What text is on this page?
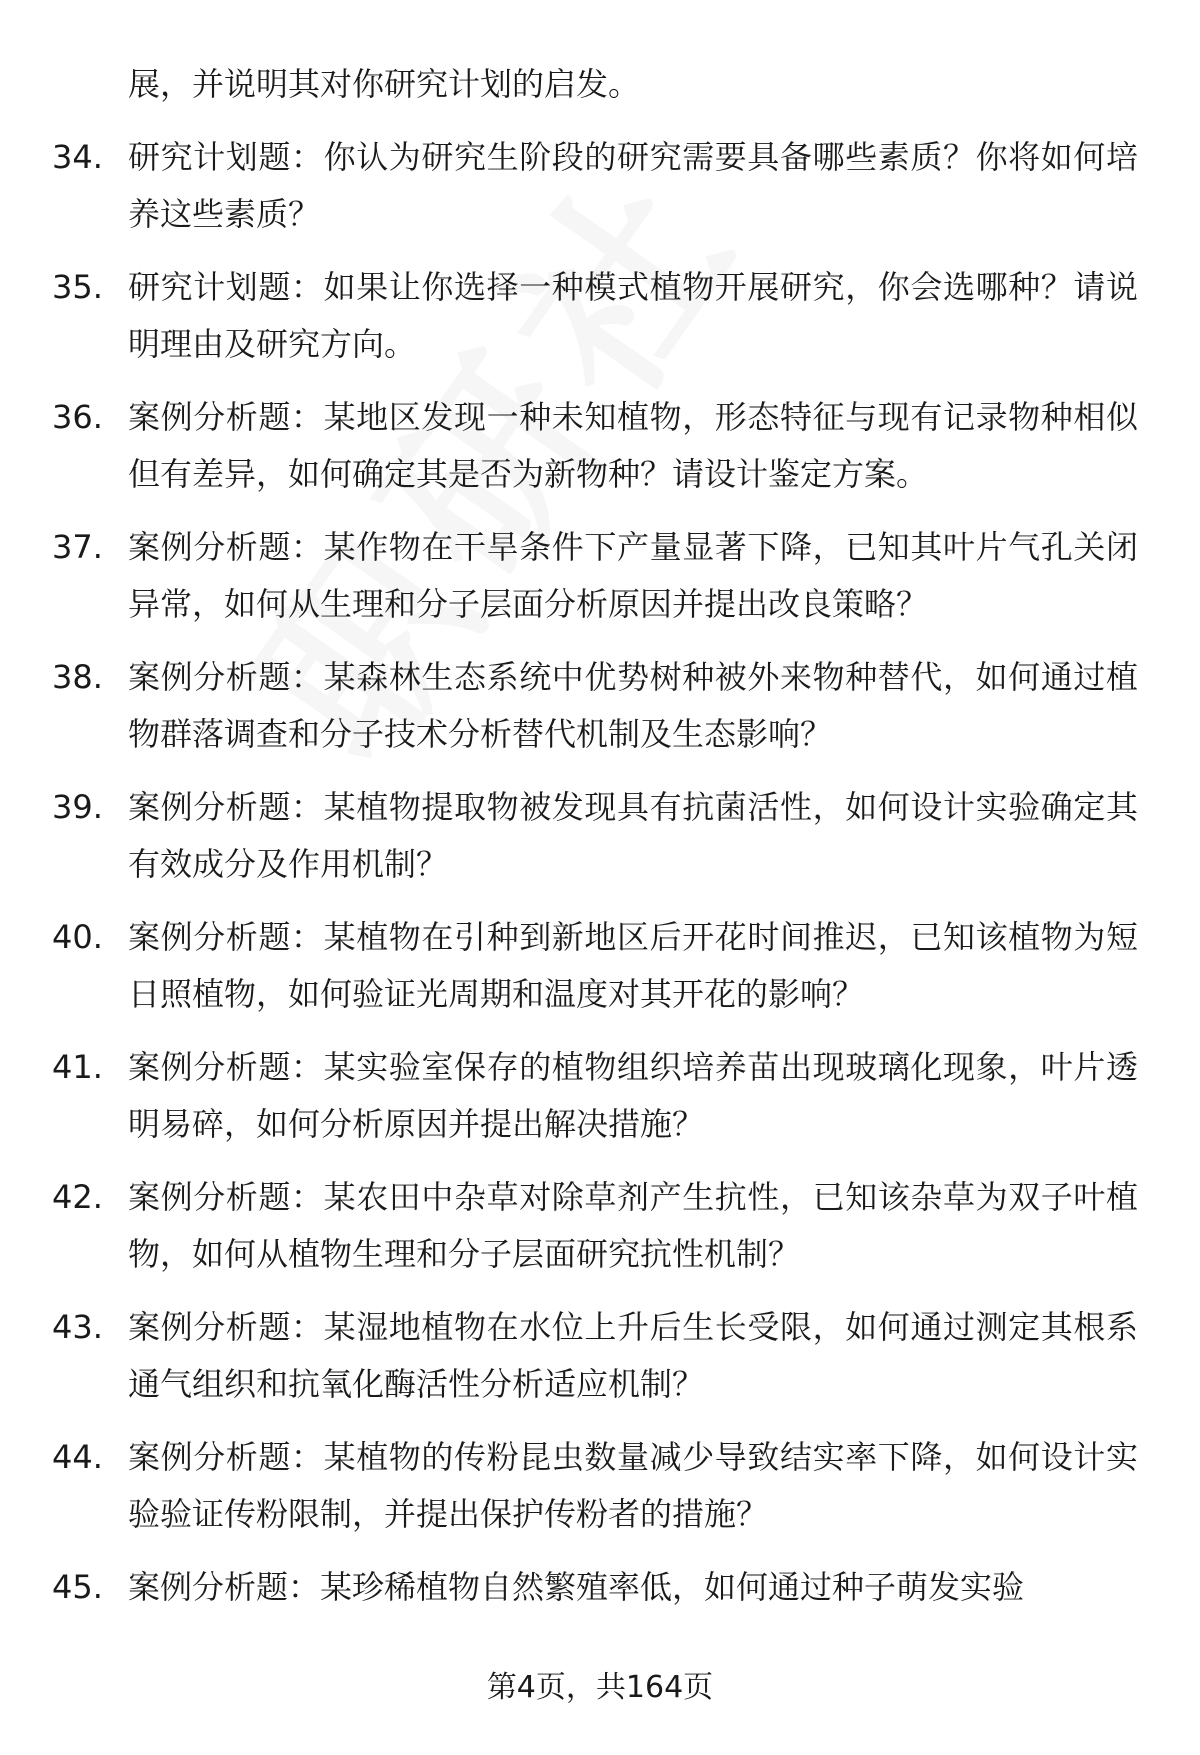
展，并说明其对你研究计划的启发。
34. 研究计划题：你认为研究生阶段的研究需要具备哪些素质？你将如何培养这些素质？
35. 研究计划题：如果让你选择一种模式植物开展研究，你会选哪种？请说明理由及研究方向。
36. 案例分析题：某地区发现一种未知植物，形态特征与现有记录物种相似但有差异，如何确定其是否为新物种？请设计鉴定方案。
37. 案例分析题：某作物在干旱条件下产量显著下降，已知其叶片气孔关闭异常，如何从生理和分子层面分析原因并提出改良策略？
38. 案例分析题：某森林生态系统中优势树种被外来物种替代，如何通过植物群落调查和分子技术分析替代机制及生态影响？
39. 案例分析题：某植物提取物被发现具有抗菌活性，如何设计实验确定其有效成分及作用机制？
40. 案例分析题：某植物在引种到新地区后开花时间推迟，已知该植物为短日照植物，如何验证光周期和温度对其开花的影响？
41. 案例分析题：某实验室保存的植物组织培养苗出现玻璃化现象，叶片透明易碎，如何分析原因并提出解决措施？
42. 案例分析题：某农田中杂草对除草剂产生抗性，已知该杂草为双子叶植物，如何从植物生理和分子层面研究抗性机制？
43. 案例分析题：某湿地植物在水位上升后生长受限，如何通过测定其根系通气组织和抗氧化酶活性分析适应机制？
44. 案例分析题：某植物的传粉昆虫数量减少导致结实率下降，如何设计实验验证传粉限制，并提出保护传粉者的措施？
45. 案例分析题：某珍稀植物自然繁殖率低，如何通过种子萌发实验
第4页，共164页
